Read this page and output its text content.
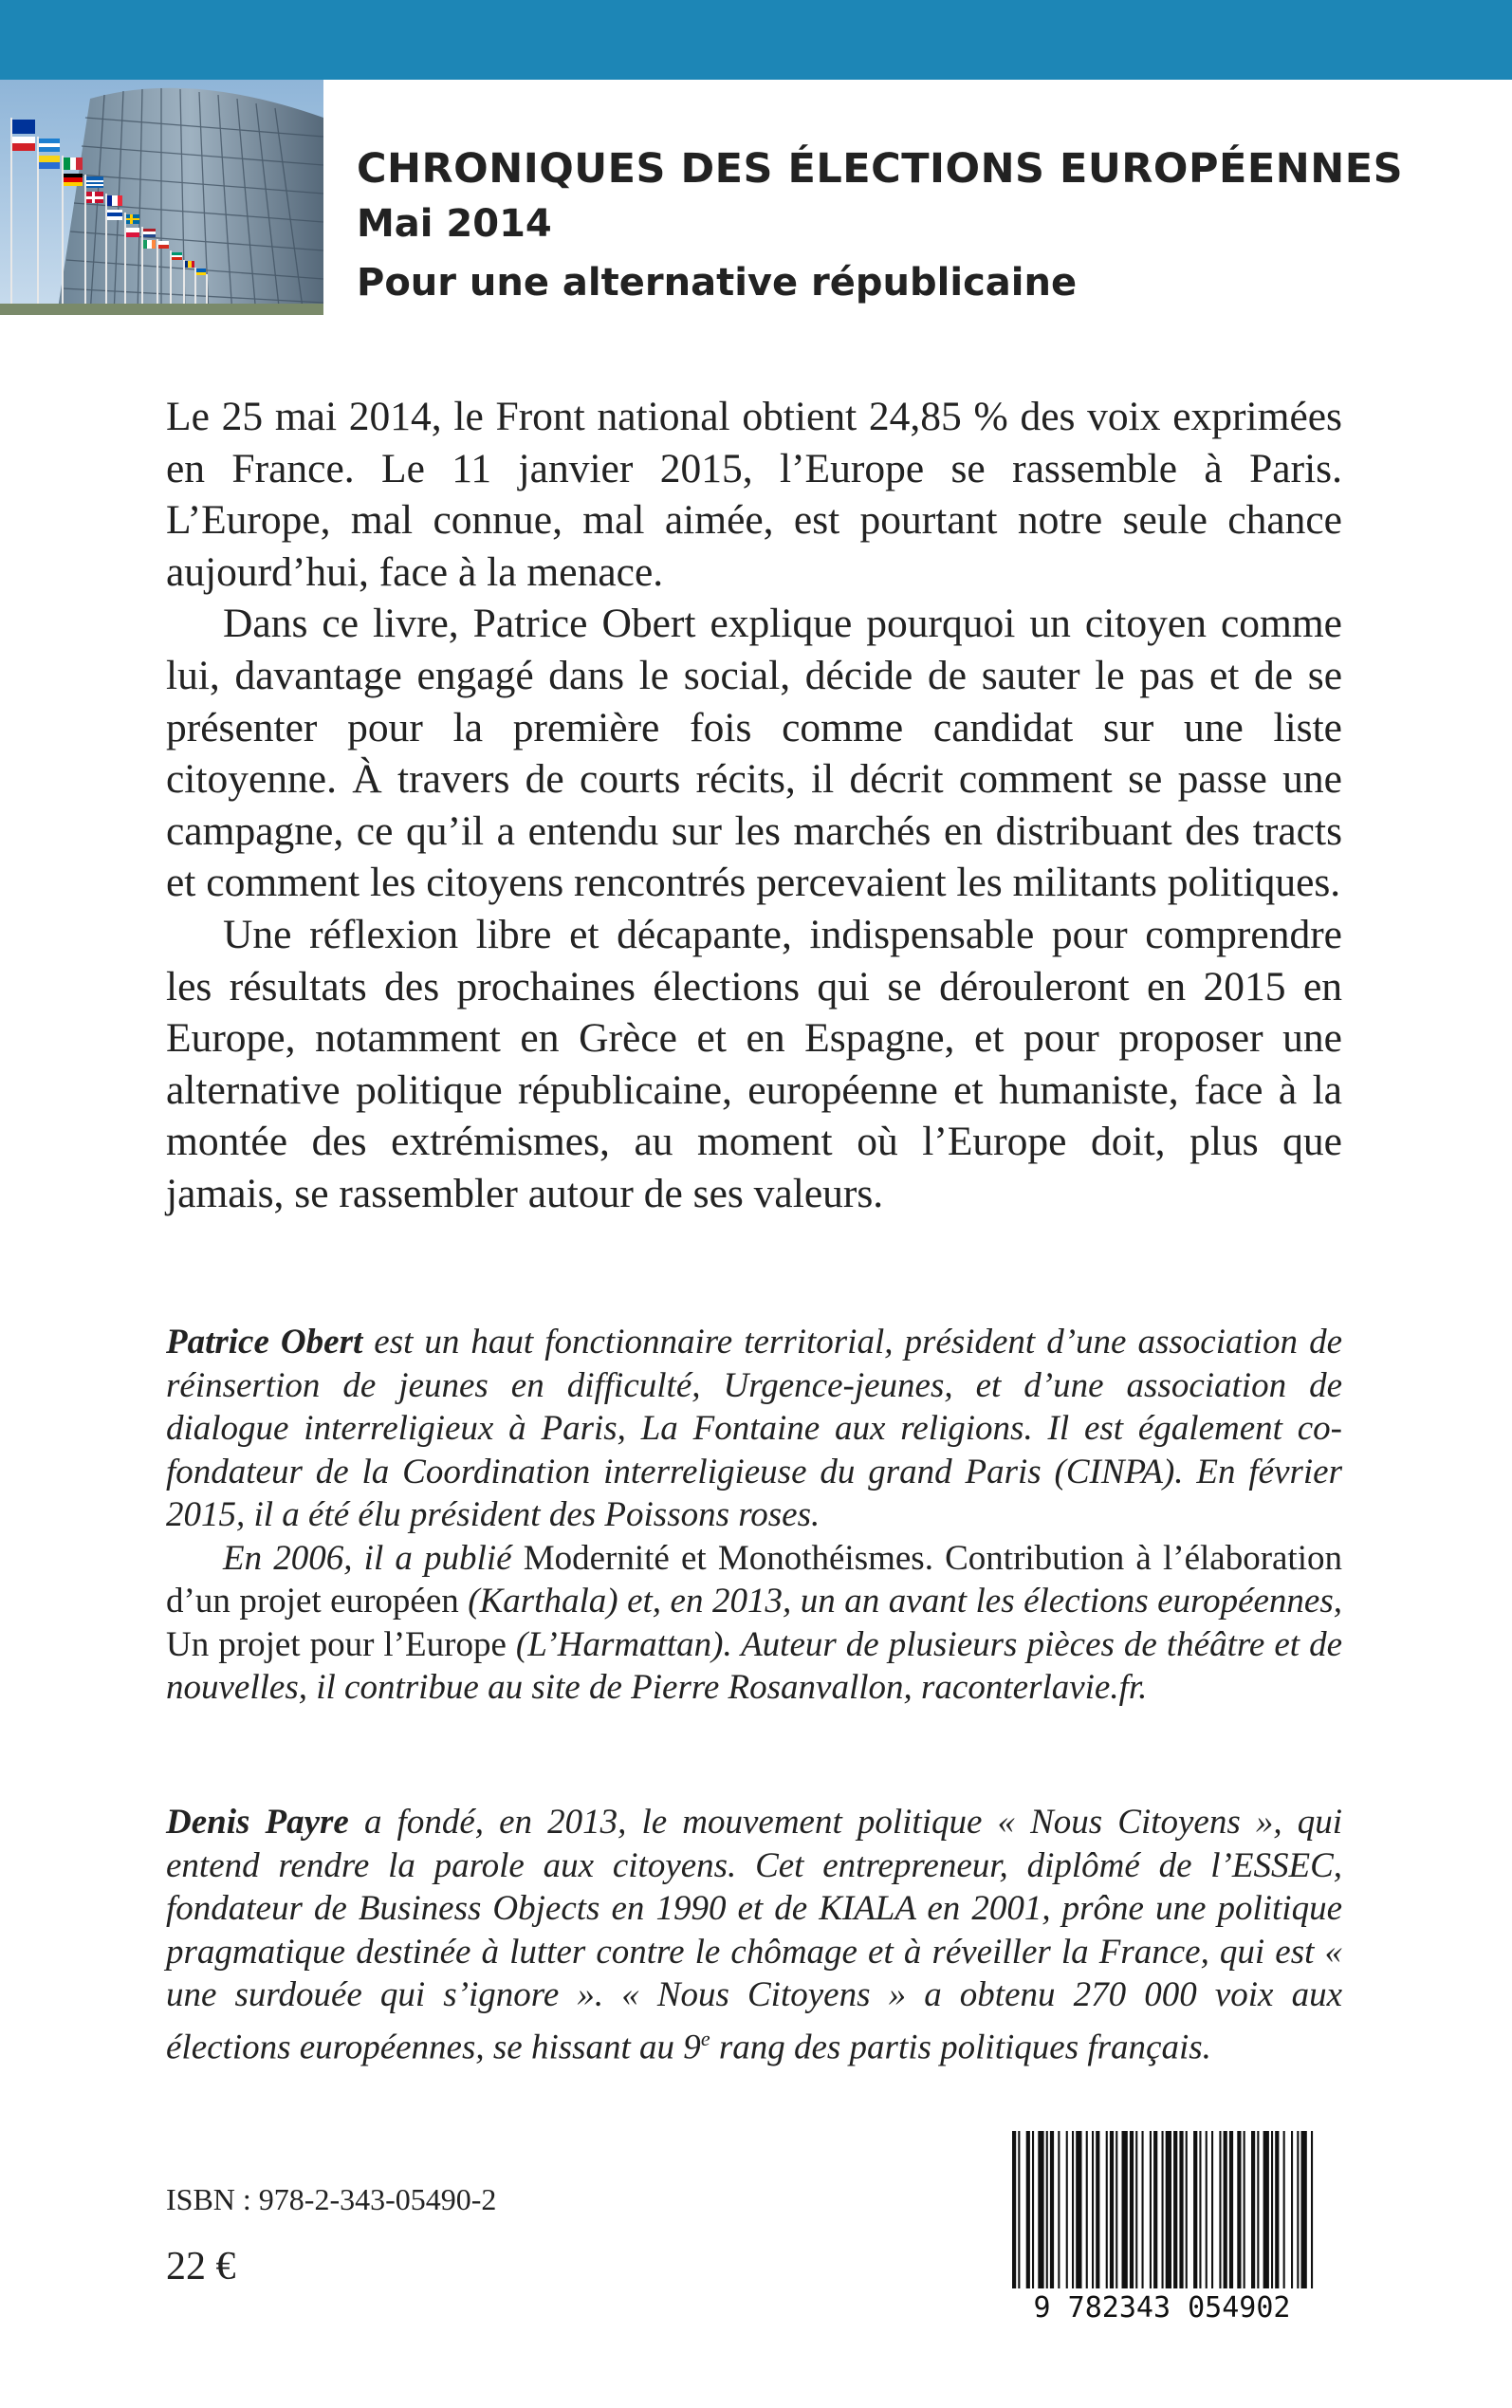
CHRONIQUES DES ÉLECTIONS EUROPÉENNES
Mai 2014
Pour une alternative républicaine

Le 25 mai 2014, le Front national obtient 24,85 % des voix exprimées en France. Le 11 janvier 2015, l’Europe se rassemble à Paris. L’Europe, mal connue, mal aimée, est pourtant notre seule chance aujourd’hui, face à la menace.

Dans ce livre, Patrice Obert explique pourquoi un citoyen comme lui, davantage engagé dans le social, décide de sauter le pas et de se présenter pour la première fois comme candidat sur une liste citoyenne. À travers de courts récits, il décrit comment se passe une campagne, ce qu’il a entendu sur les marchés en distribuant des tracts et comment les citoyens rencontrés percevaient les militants politiques.

Une réflexion libre et décapante, indispensable pour comprendre les résultats des prochaines élections qui se dérouleront en 2015 en Europe, notamment en Grèce et en Espagne, et pour proposer une alternative politique républicaine, européenne et humaniste, face à la montée des extrémismes, au moment où l’Europe doit, plus que jamais, se rassembler autour de ses valeurs.

Patrice Obert est un haut fonctionnaire territorial, président d’une association de réinsertion de jeunes en difficulté, Urgence-jeunes, et d’une association de dialogue interreligieux à Paris, La Fontaine aux religions. Il est également co-fondateur de la Coordination interreligieuse du grand Paris (CINPA). En février 2015, il a été élu président des Poissons roses.

En 2006, il a publié Modernité et Monothéismes. Contribution à l’élaboration d’un projet européen (Karthala) et, en 2013, un an avant les élections européennes, Un projet pour l’Europe (L’Harmattan). Auteur de plusieurs pièces de théâtre et de nouvelles, il contribue au site de Pierre Rosanvallon, raconterlavie.fr.

Denis Payre a fondé, en 2013, le mouvement politique « Nous Citoyens », qui entend rendre la parole aux citoyens. Cet entrepreneur, diplômé de l’ESSEC, fondateur de Business Objects en 1990 et de KIALA en 2001, prône une politique pragmatique destinée à lutter contre le chômage et à réveiller la France, qui est « une surdouée qui s’ignore ». « Nous Citoyens » a obtenu 270 000 voix aux élections européennes, se hissant au 9e rang des partis politiques français.

ISBN : 978-2-343-05490-2
22 €
9 782343 054902
